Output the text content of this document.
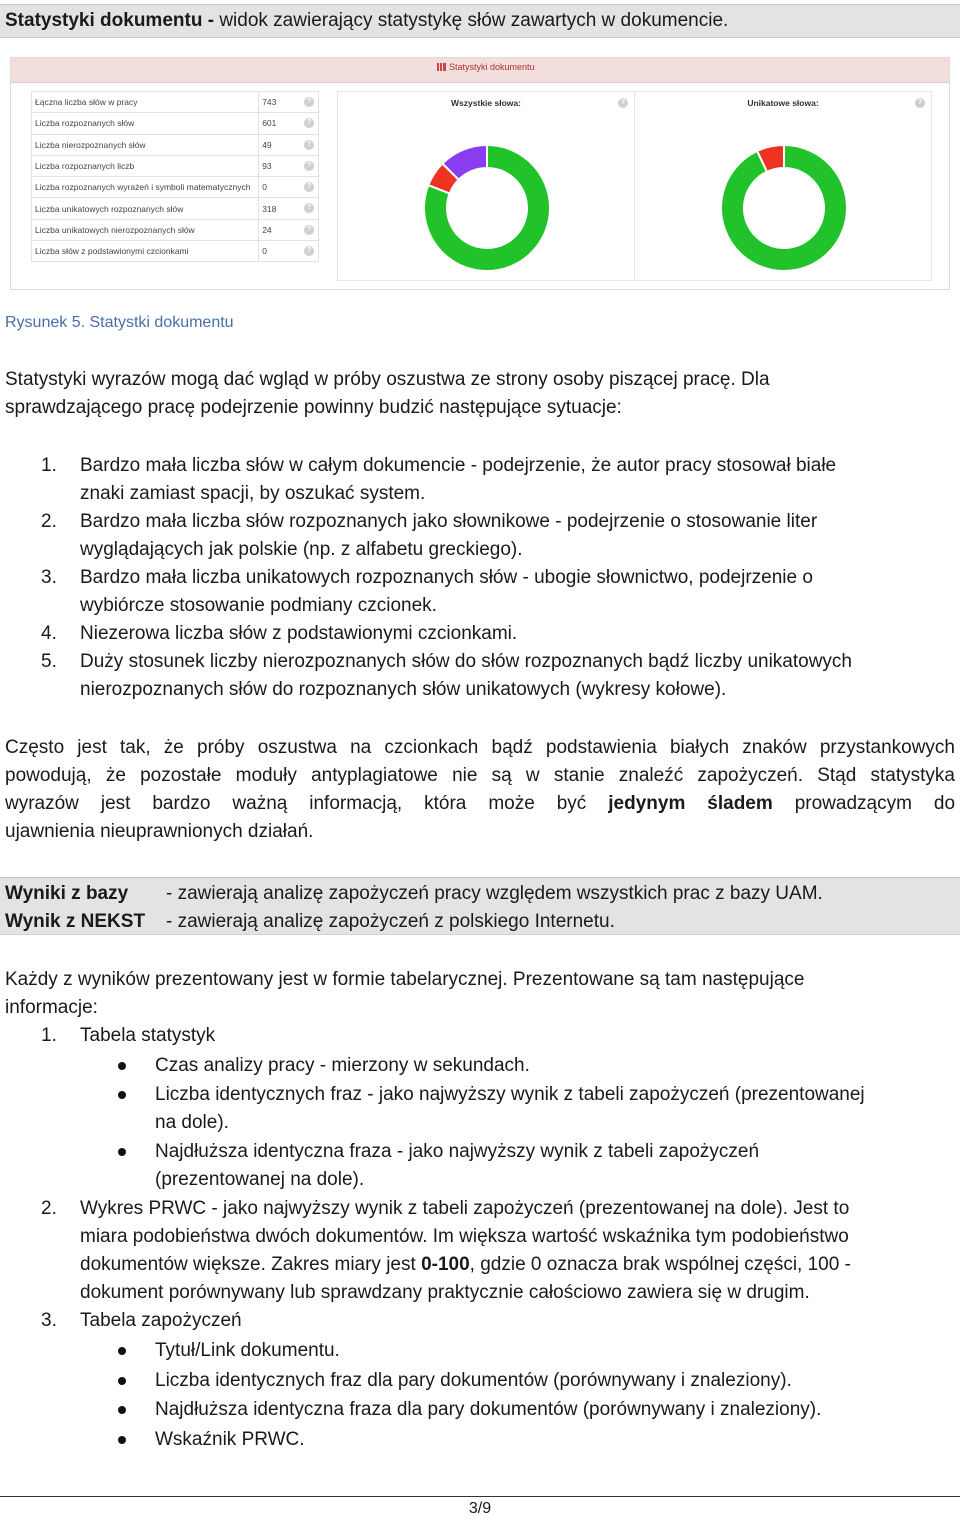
Statystyki dokumentu - widok zawierający statystykę słów zawartych w dokumencie.
Statystyki dokumentu
Łączna liczba słów w pracy	743 ?

Liczba rozpoznanych słów	601 ?

Liczba nierozpoznanych słów	49 ?

Liczba rozpoznanych liczb	93 ?

Liczba rozpoznanych wyrażeń i symboli matematycznych	0 ?

Liczba unikatowych rozpoznanych słów	318 ?

Liczba unikatowych nierozpoznanych słów	24 ?

Liczba słów z podstawionymi czcionkami	0 ?
Wszystkie słowa:	?	Unikatowe słowa:	?
Rysunek 5. Statystki dokumentu
Statystyki wyrazów mogą dać wgląd w próby oszustwa ze strony osoby piszącej pracę. Dla
sprawdzającego pracę podejrzenie powinny budzić następujące sytuacje:
1. Bardzo mała liczba słów w całym dokumencie - podejrzenie, że autor pracy stosował białe
znaki zamiast spacji, by oszukać system.
2. Bardzo mała liczba słów rozpoznanych jako słownikowe - podejrzenie o stosowanie liter
wyglądających jak polskie (np. z alfabetu greckiego).
3. Bardzo mała liczba unikatowych rozpoznanych słów - ubogie słownictwo, podejrzenie o
wybiórcze stosowanie podmiany czcionek.
4. Niezerowa liczba słów z podstawionymi czcionkami.
5. Duży stosunek liczby nierozpoznanych słów do słów rozpoznanych bądź liczby unikatowych
nierozpoznanych słów do rozpoznanych słów unikatowych (wykresy kołowe).
Często jest tak, że próby oszustwa na czcionkach bądź podstawienia białych znaków przystankowych
powodują, że pozostałe moduły antyplagiatowe nie są w stanie znaleźć zapożyczeń. Stąd statystyka
wyrazów jest bardzo ważną informacją, która może być jedynym śladem prowadzącym do
ujawnienia nieuprawnionych działań.
Wyniki z bazy - zawierają analizę zapożyczeń pracy względem wszystkich prac z bazy UAM.
Wynik z NEKST - zawierają analizę zapożyczeń z polskiego Internetu.
Każdy z wyników prezentowany jest w formie tabelarycznej. Prezentowane są tam następujące
informacje:
1. Tabela statystyk
Czas analizy pracy - mierzony w sekundach.
Liczba identycznych fraz - jako najwyższy wynik z tabeli zapożyczeń (prezentowanej
na dole).
Najdłuższa identyczna fraza - jako najwyższy wynik z tabeli zapożyczeń
(prezentowanej na dole).
2. Wykres PRWC - jako najwyższy wynik z tabeli zapożyczeń (prezentowanej na dole). Jest to
miara podobieństwa dwóch dokumentów. Im większa wartość wskaźnika tym podobieństwo
dokumentów większe. Zakres miary jest 0-100, gdzie 0 oznacza brak wspólnej części, 100 -
dokument porównywany lub sprawdzany praktycznie całościowo zawiera się w drugim.
3. Tabela zapożyczeń
Tytuł/Link dokumentu.
Liczba identycznych fraz dla pary dokumentów (porównywany i znaleziony).
Najdłuższa identyczna fraza dla pary dokumentów (porównywany i znaleziony).
Wskaźnik PRWC.
3/9
